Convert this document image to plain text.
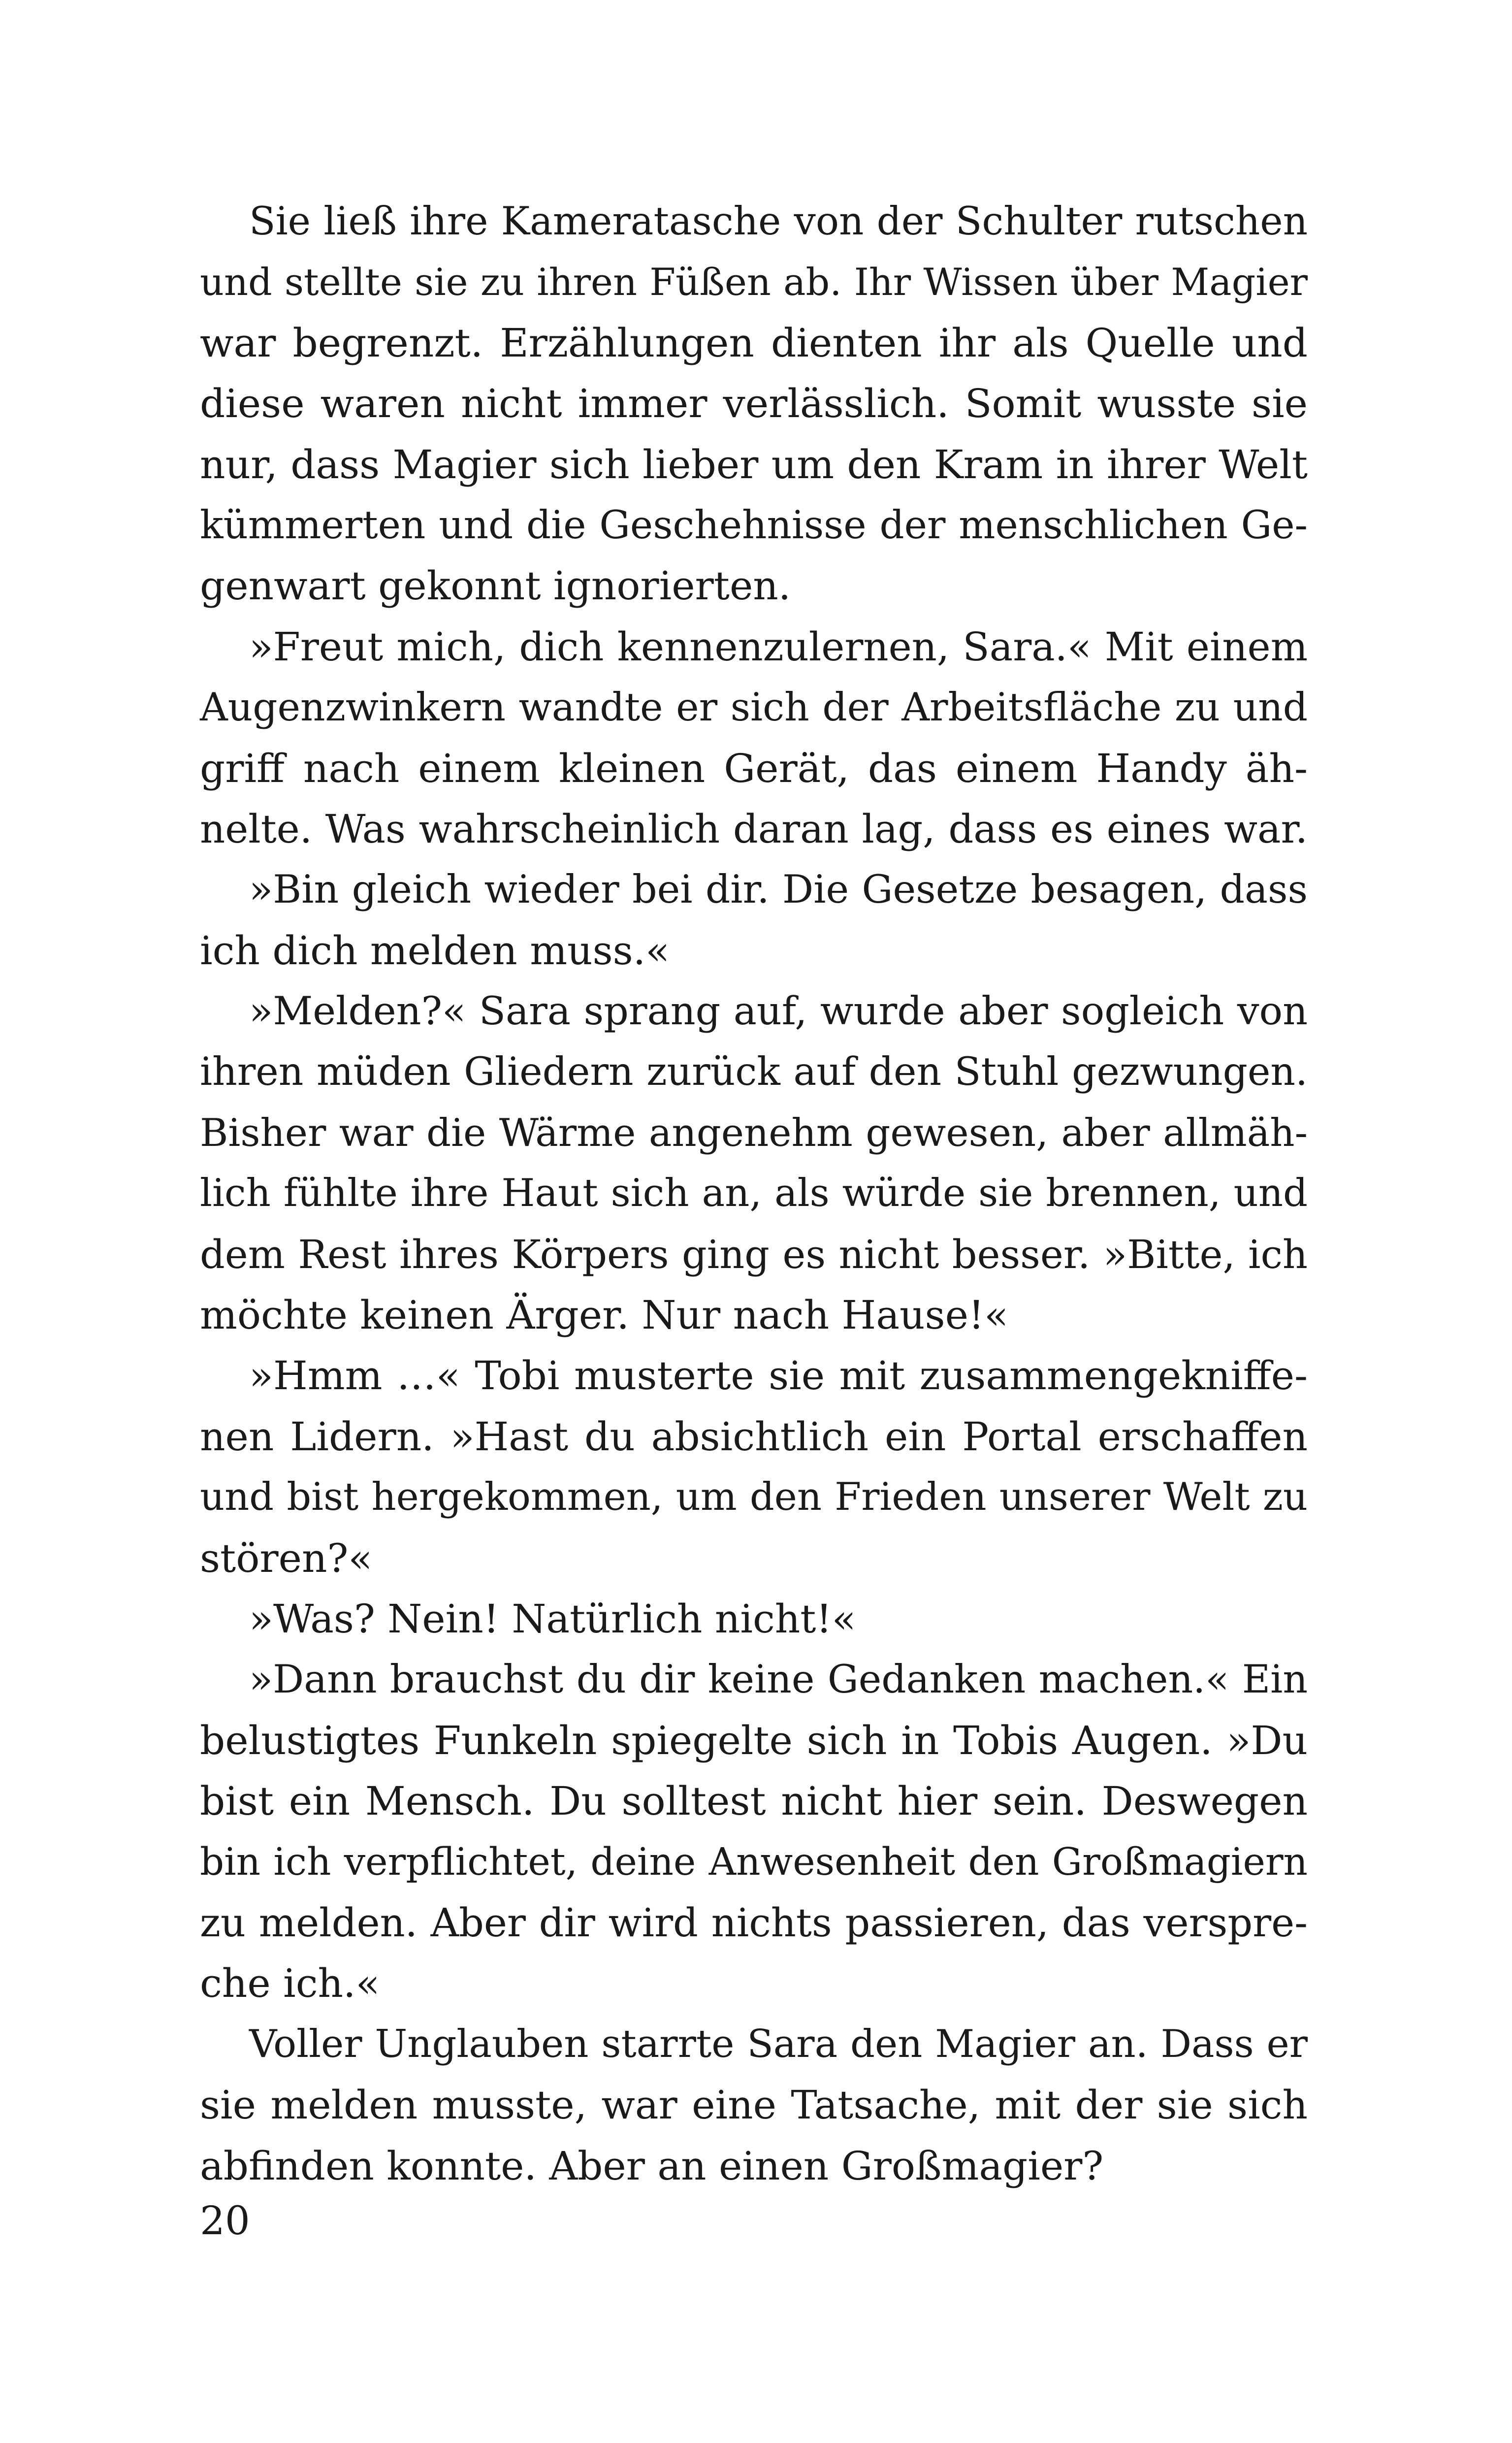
Sie ließ ihre Kameratasche von der Schulter rutschen
und stellte sie zu ihren Füßen ab. Ihr Wissen über Magier
war begrenzt. Erzählungen dienten ihr als Quelle und
diese waren nicht immer verlässlich. Somit wusste sie
nur, dass Magier sich lieber um den Kram in ihrer Welt
kümmerten und die Geschehnisse der menschlichen Ge-
genwart gekonnt ignorierten.
»Freut mich, dich kennenzulernen, Sara.« Mit einem
Augenzwinkern wandte er sich der Arbeitsfläche zu und
griff nach einem kleinen Gerät, das einem Handy äh-
nelte. Was wahrscheinlich daran lag, dass es eines war.
»Bin gleich wieder bei dir. Die Gesetze besagen, dass
ich dich melden muss.«
»Melden?« Sara sprang auf, wurde aber sogleich von
ihren müden Gliedern zurück auf den Stuhl gezwungen.
Bisher war die Wärme angenehm gewesen, aber allmäh-
lich fühlte ihre Haut sich an, als würde sie brennen, und
dem Rest ihres Körpers ging es nicht besser. »Bitte, ich
möchte keinen Ärger. Nur nach Hause!«
»Hmm …« Tobi musterte sie mit zusammengekniffe-
nen Lidern. »Hast du absichtlich ein Portal erschaffen
und bist hergekommen, um den Frieden unserer Welt zu
stören?«
»Was? Nein! Natürlich nicht!«
»Dann brauchst du dir keine Gedanken machen.« Ein
belustigtes Funkeln spiegelte sich in Tobis Augen. »Du
bist ein Mensch. Du solltest nicht hier sein. Deswegen
bin ich verpflichtet, deine Anwesenheit den Großmagiern
zu melden. Aber dir wird nichts passieren, das verspre-
che ich.«
Voller Unglauben starrte Sara den Magier an. Dass er
sie melden musste, war eine Tatsache, mit der sie sich
abfinden konnte. Aber an einen Großmagier?
20
